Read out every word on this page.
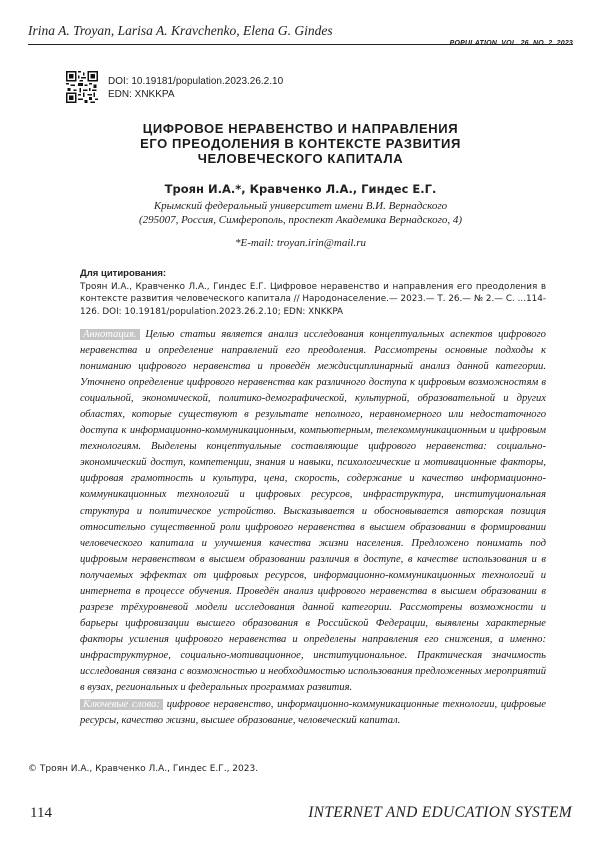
Irina A. Troyan, Larisa A. Kravchenko, Elena G. Gindes
POPULATION. VOL. 26. NO. 2. 2023
DOI: 10.19181/population.2023.26.2.10
EDN: XNKKPA
ЦИФРОВОЕ НЕРАВЕНСТВО И НАПРАВЛЕНИЯ
ЕГО ПРЕОДОЛЕНИЯ В КОНТЕКСТЕ РАЗВИТИЯ
ЧЕЛОВЕЧЕСКОГО КАПИТАЛА
Троян И.А.*, Кравченко Л.А., Гиндес Е.Г.
Крымский федеральный университет имени В.И. Вернадского
(295007, Россия, Симферополь, проспект Академика Вернадского, 4)
*E-mail: troyan.irin@mail.ru
Для цитирования:
Троян И.А., Кравченко Л.А., Гиндес Е.Г. Цифровое неравенство и направления его преодоления в контексте развития человеческого капитала // Народонаселение.— 2023.— Т. 26.— № 2.— С. ...114-126. DOI: 10.19181/population.2023.26.2.10; EDN: XNKKPA
Аннотация. Целью статьи является анализ исследования концептуальных аспектов цифрового неравенства и определение направлений его преодоления. Рассмотрены основные подходы к пониманию цифрового неравенства и проведён междисциплинарный анализ данной категории. Уточнено определение цифрового неравенства как различного доступа к цифровым возможностям в социальной, экономической, политико-демографической, культурной, образовательной и других областях, которые существуют в результате неполного, неравномерного или недостаточного доступа к информационно-коммуникационным, компьютерным, телекоммуникационным и цифровым технологиям. Выделены концептуальные составляющие цифрового неравенства: социально-экономический доступ, компетенции, знания и навыки, психологические и мотивационные факторы, цифровая грамотность и культура, цена, скорость, содержание и качество информационно-коммуникационных технологий и цифровых ресурсов, инфраструктура, институциональная структура и политическое устройство. Высказывается и обосновывается авторская позиция относительно существенной роли цифрового неравенства в высшем образовании в формировании человеческого капитала и улучшения качества жизни населения. Предложено понимать под цифровым неравенством в высшем образовании различия в доступе, в качестве использования и в получаемых эффектах от цифровых ресурсов, информационно-коммуникационных технологий и интернета в процессе обучения. Проведён анализ цифрового неравенства в высшем образовании в разрезе трёхуровневой модели исследования данной категории. Рассмотрены возможности и барьеры цифровизации высшего образования в Российской Федерации, выявлены характерные факторы усиления цифрового неравенства и определены направления его снижения, а именно: инфраструктурное, социально-мотивационное, институциональное. Практическая значимость исследования связана с возможностью и необходимостью использования предложенных мероприятий в вузах, региональных и федеральных программах развития.
Ключевые слова: цифровое неравенство, информационно-коммуникационные технологии, цифровые ресурсы, качество жизни, высшее образование, человеческий капитал.
© Троян И.А., Кравченко Л.А., Гиндес Е.Г., 2023.
114	INTERNET AND EDUCATION SYSTEM
